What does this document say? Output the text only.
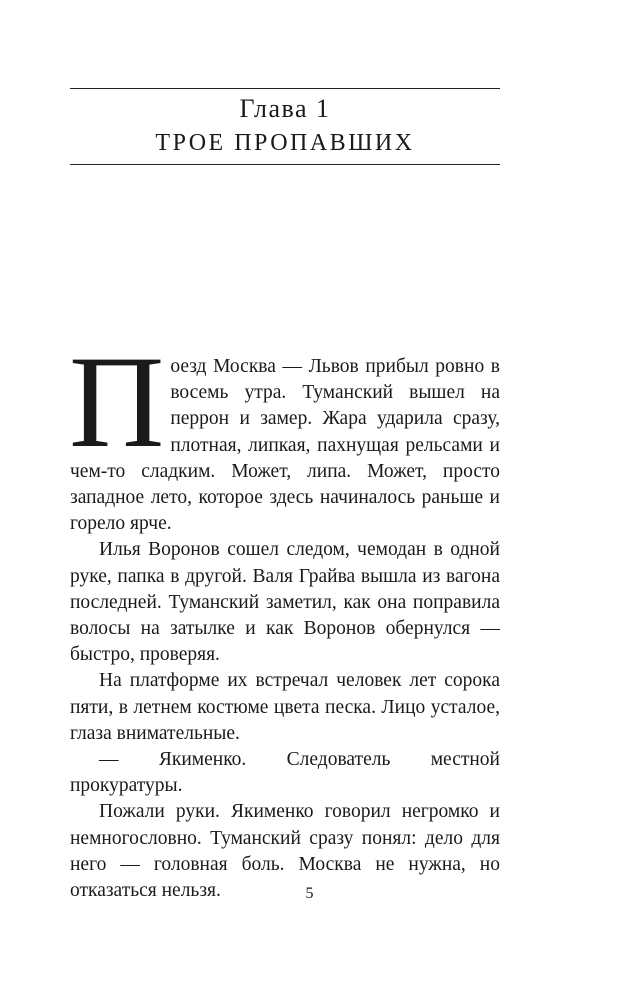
Глава 1
ТРОЕ ПРОПАВШИХ

Поезд Москва — Львов прибыл ровно в восемь утра. Туманский вышел на перрон и замер. Жара ударила сразу, плотная, липкая, пахнущая рельсами и чем-то сладким. Может, липа. Может, просто западное лето, которое здесь начиналось раньше и горело ярче.

Илья Воронов сошел следом, чемодан в одной руке, папка в другой. Валя Грайва вышла из вагона последней. Туманский заметил, как она поправила волосы на затылке и как Воронов обернулся — быстро, проверяя.

На платформе их встречал человек лет сорока пяти, в летнем костюме цвета песка. Лицо усталое, глаза внимательные.

— Якименко. Следователь местной прокуратуры.

Пожали руки. Якименко говорил негромко и немногословно. Туманский сразу понял: дело для него — головная боль. Москва не нужна, но отказаться нельзя.	5
